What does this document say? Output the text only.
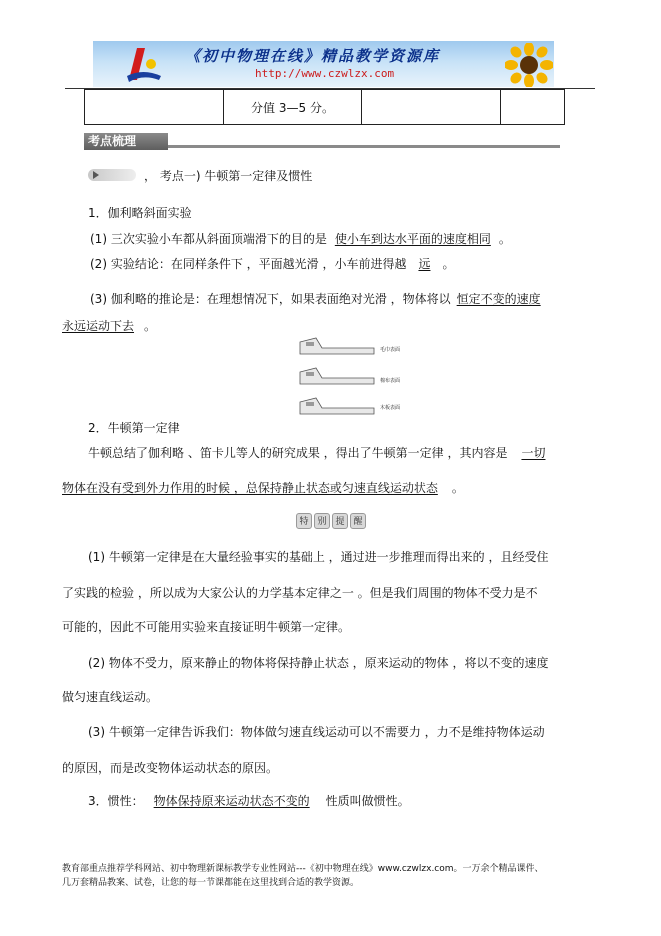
《初中物理在线》精品教学资源库
http://www.czwlzx.com
	分值 3—5 分。		
考点梳理
， 考点一) 牛顿第一定律及惯性
1．伽利略斜面实验
(1) 三次实验小车都从斜面顶端滑下的目的是 使小车到达水平面的速度相同 。
(2) 实验结论：在同样条件下 ，平面越光滑 ，小车前进得越 远 。
(3) 伽利略的推论是：在理想情况下，如果表面绝对光滑 ，物体将以 恒定不变的速度
永远运动下去 。
毛巾表面
棉布表面
木板表面
2．牛顿第一定律
牛顿总结了伽利略 、笛卡儿等人的研究成果 ，得出了牛顿第一定律 ，其内容是 一切
物体在没有受到外力作用的时候 ，总保持静止状态或匀速直线运动状态 。
特 别 提 醒
(1) 牛顿第一定律是在大量经验事实的基础上 ，通过进一步推理而得出来的 ，且经受住
了实践的检验 ，所以成为大家公认的力学基本定律之一 。但是我们周围的物体不受力是不
可能的，因此不可能用实验来直接证明牛顿第一定律。
(2) 物体不受力，原来静止的物体将保持静止状态 ，原来运动的物体 ，将以不变的速度
做匀速直线运动。
(3) 牛顿第一定律告诉我们：物体做匀速直线运动可以不需要力 ，力不是维持物体运动
的原因，而是改变物体运动状态的原因。
3．惯性： 物体保持原来运动状态不变的 性质叫做惯性。
教育部重点推荐学科网站、初中物理新课标教学专业性网站---《初中物理在线》www.czwlzx.com。一万余个精品课件、
几万套精品教案、试卷，让您的每一节课都能在这里找到合适的教学资源。
